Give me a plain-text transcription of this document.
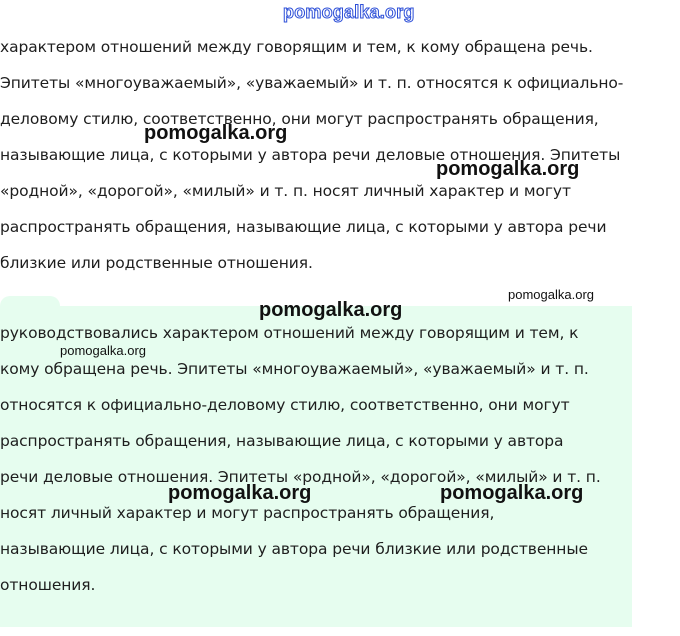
pomogalka.org
характером отношений между говорящим и тем, к кому обращена речь.
Эпитеты «многоуважаемый», «уважаемый» и т. п. относятся к официально-
деловому стилю, соответственно, они могут распространять обращения,
называющие лица, с которыми у автора речи деловые отношения. Эпитеты
«родной», «дорогой», «милый» и т. п. носят личный характер и могут
распространять обращения, называющие лица, с которыми у автора речи
близкие или родственные отношения.
руководствовались характером отношений между говорящим и тем, к
кому обращена речь. Эпитеты «многоуважаемый», «уважаемый» и т. п.
относятся к официально-деловому стилю, соответственно, они могут
распространять обращения, называющие лица, с которыми у автора
речи деловые отношения. Эпитеты «родной», «дорогой», «милый» и т. п.
носят личный характер и могут распространять обращения,
называющие лица, с которыми у автора речи близкие или родственные
отношения.
pomogalka.org
pomogalka.org
pomogalka.org
pomogalka.org
pomogalka.org
pomogalka.org	pomogalka.org
